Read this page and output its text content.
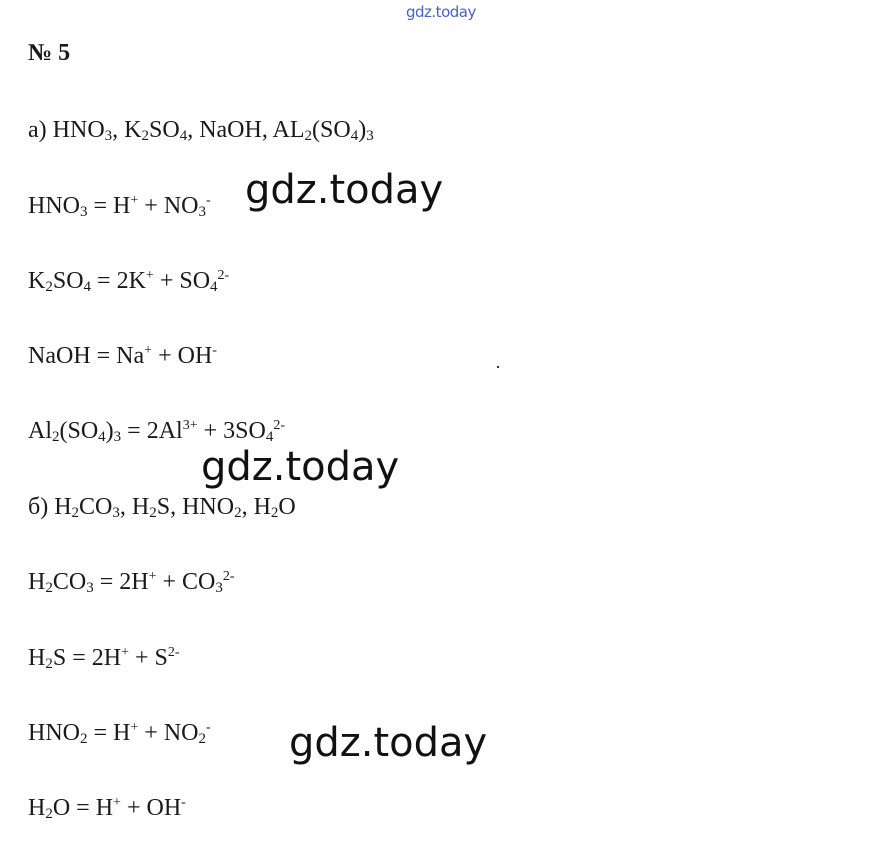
gdz.today
№ 5
а) $HNO_3$, $K_2SO_4$, NaOH, $AL_2(SO_4)_3$
$HNO_3 = H^+ + NO_3^-$ gdz.today
$K_2SO_4 = 2K^+ + SO_4^{2-}$
NaOH = Na+ + OH-
$Al_2(SO_4)_3 = 2Al^{3+} + 3SO_4^{2-}$
gdz.today
б) $H_2CO_3$, $H_2S$, $HNO_2$, $H_2O$
$H_2CO_3 = 2H^+ + CO_3^{2-}$
$H_2S = 2H^+ + S^{2-}$
$HNO_2 = H^+ + NO_2^-$ gdz.today
$H_2O = H^+ + OH^-$
